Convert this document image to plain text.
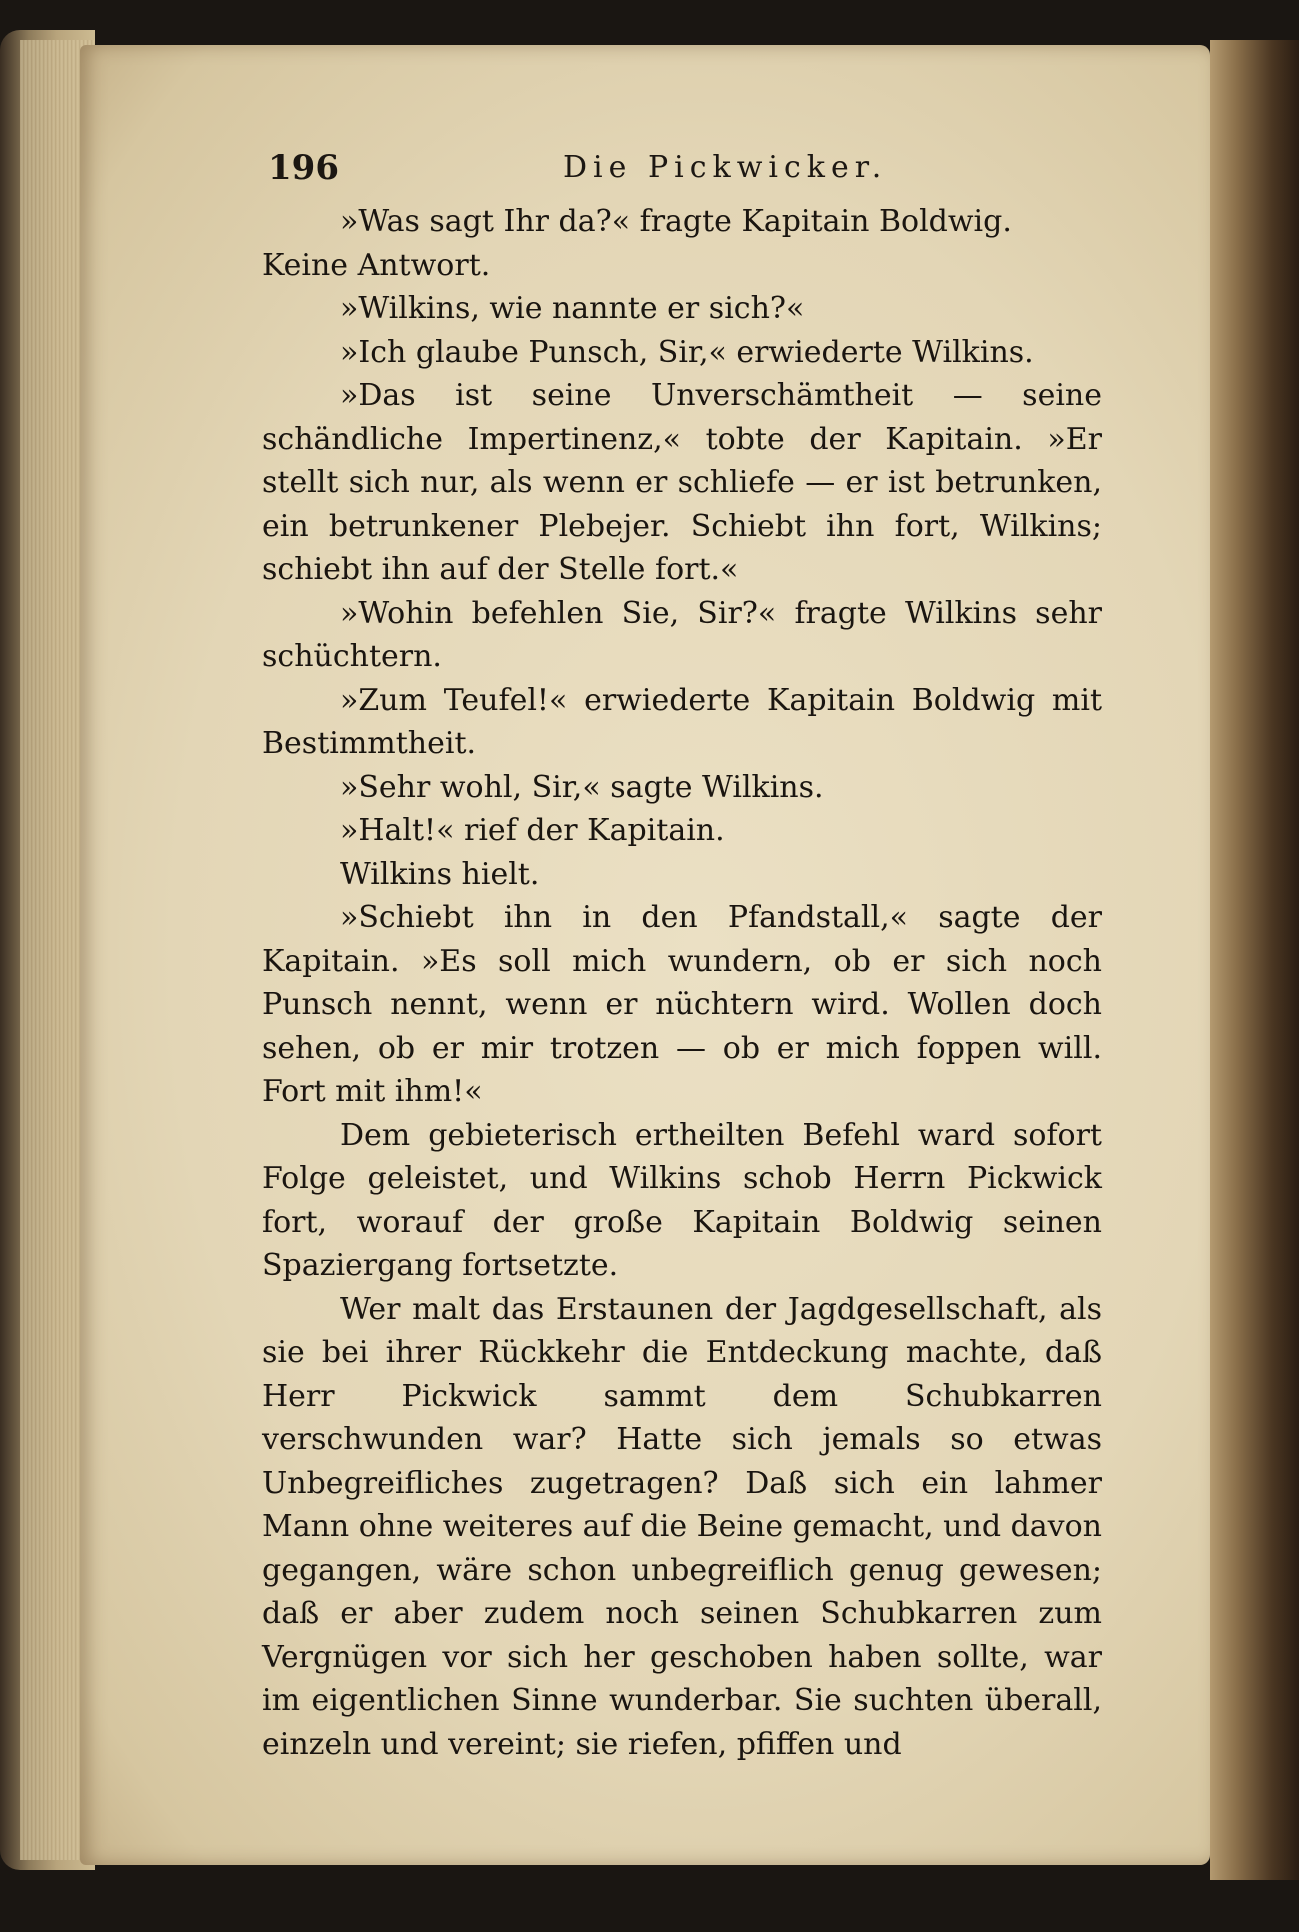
196	Die Pickwicker.

»Was sagt Ihr da?« fragte Kapitain Boldwig.

Keine Antwort.

»Wilkins, wie nannte er sich?«

»Ich glaube Punsch, Sir,« erwiederte Wilkins.

»Das ist seine Unverschämtheit — seine schändliche Impertinenz,« tobte der Kapitain. »Er stellt sich nur, als wenn er schliefe — er ist betrunken, ein betrunkener Plebejer. Schiebt ihn fort, Wilkins; schiebt ihn auf der Stelle fort.«

»Wohin befehlen Sie, Sir?« fragte Wilkins sehr schüchtern.

»Zum Teufel!« erwiederte Kapitain Boldwig mit Bestimmtheit.

»Sehr wohl, Sir,« sagte Wilkins.

»Halt!« rief der Kapitain.

Wilkins hielt.

»Schiebt ihn in den Pfandstall,« sagte der Kapitain. »Es soll mich wundern, ob er sich noch Punsch nennt, wenn er nüchtern wird. Wollen doch sehen, ob er mir trotzen — ob er mich foppen will. Fort mit ihm!«

Dem gebieterisch ertheilten Befehl ward sofort Folge geleistet, und Wilkins schob Herrn Pickwick fort, worauf der große Kapitain Boldwig seinen Spaziergang fortsetzte.

Wer malt das Erstaunen der Jagdgesellschaft, als sie bei ihrer Rückkehr die Entdeckung machte, daß Herr Pickwick sammt dem Schubkarren verschwunden war? Hatte sich jemals so etwas Unbegreifliches zugetragen? Daß sich ein lahmer Mann ohne weiteres auf die Beine gemacht, und davon gegangen, wäre schon unbegreiflich genug gewesen; daß er aber zudem noch seinen Schubkarren zum Vergnügen vor sich her geschoben haben sollte, war im eigentlichen Sinne wunderbar. Sie suchten überall, einzeln und vereint; sie riefen, pfiffen und
